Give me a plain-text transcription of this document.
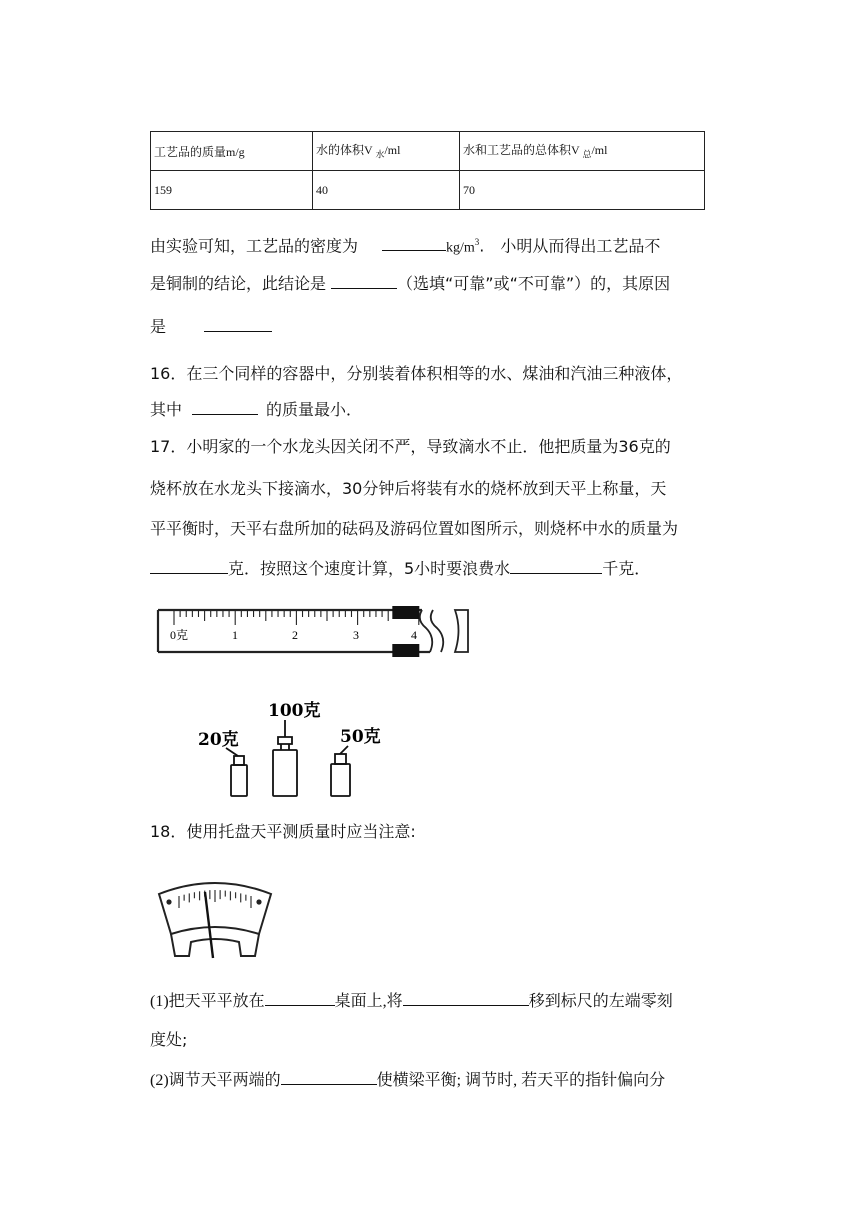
工艺品的质量m/g	水的体积V $_水$/ml	水和工艺品的总体积V $_总$/ml
159	40	70
由实验可知，工艺品的密度为	$kg/m^3$.　小明从而得出工艺品不
是铜制的结论，此结论是	（选填“可靠”或“不可靠”）的，其原因
是
16．在三个同样的容器中，分别装着体积相等的水、煤油和汽油三种液体，
其中	的质量最小．
17．小明家的一个水龙头因关闭不严，导致滴水不止．他把质量为36克的
烧杯放在水龙头下接滴水，30分钟后将装有水的烧杯放到天平上称量，天
平平衡时，天平右盘所加的砝码及游码位置如图所示，则烧杯中水的质量为
克．按照这个速度计算，5小时要浪费水	千克．
0克	1	2	3	4
20克
100克
50克
18．使用托盘天平测质量时应当注意:
(1)把天平平放在	桌面上,将	移到标尺的左端零刻
度处;
(2)调节天平两端的	使横梁平衡; 调节时, 若天平的指针偏向分
